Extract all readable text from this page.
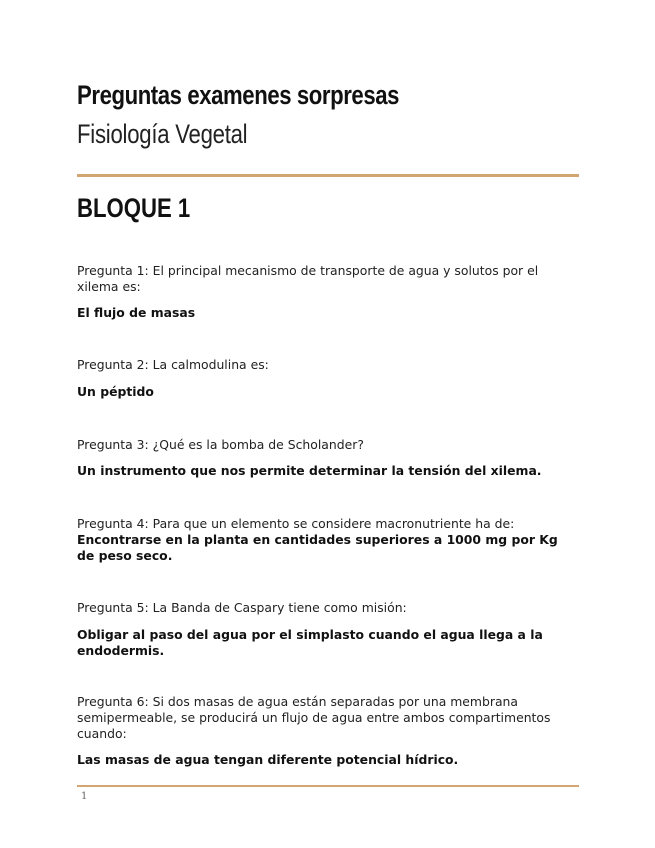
Preguntas examenes sorpresas
Fisiología Vegetal
BLOQUE 1

Pregunta 1: El principal mecanismo de transporte de agua y solutos por el xilema es:

El flujo de masas

Pregunta 2: La calmodulina es:

Un péptido

Pregunta 3: ¿Qué es la bomba de Scholander?

Un instrumento que nos permite determinar la tensión del xilema.

Pregunta 4: Para que un elemento se considere macronutriente ha de:

Encontrarse en la planta en cantidades superiores a 1000 mg por Kg de peso seco.

Pregunta 5: La Banda de Caspary tiene como misión:

Obligar al paso del agua por el simplasto cuando el agua llega a la endodermis.

Pregunta 6: Si dos masas de agua están separadas por una membrana semipermeable, se producirá un flujo de agua entre ambos compartimentos cuando:

Las masas de agua tengan diferente potencial hídrico.

1
